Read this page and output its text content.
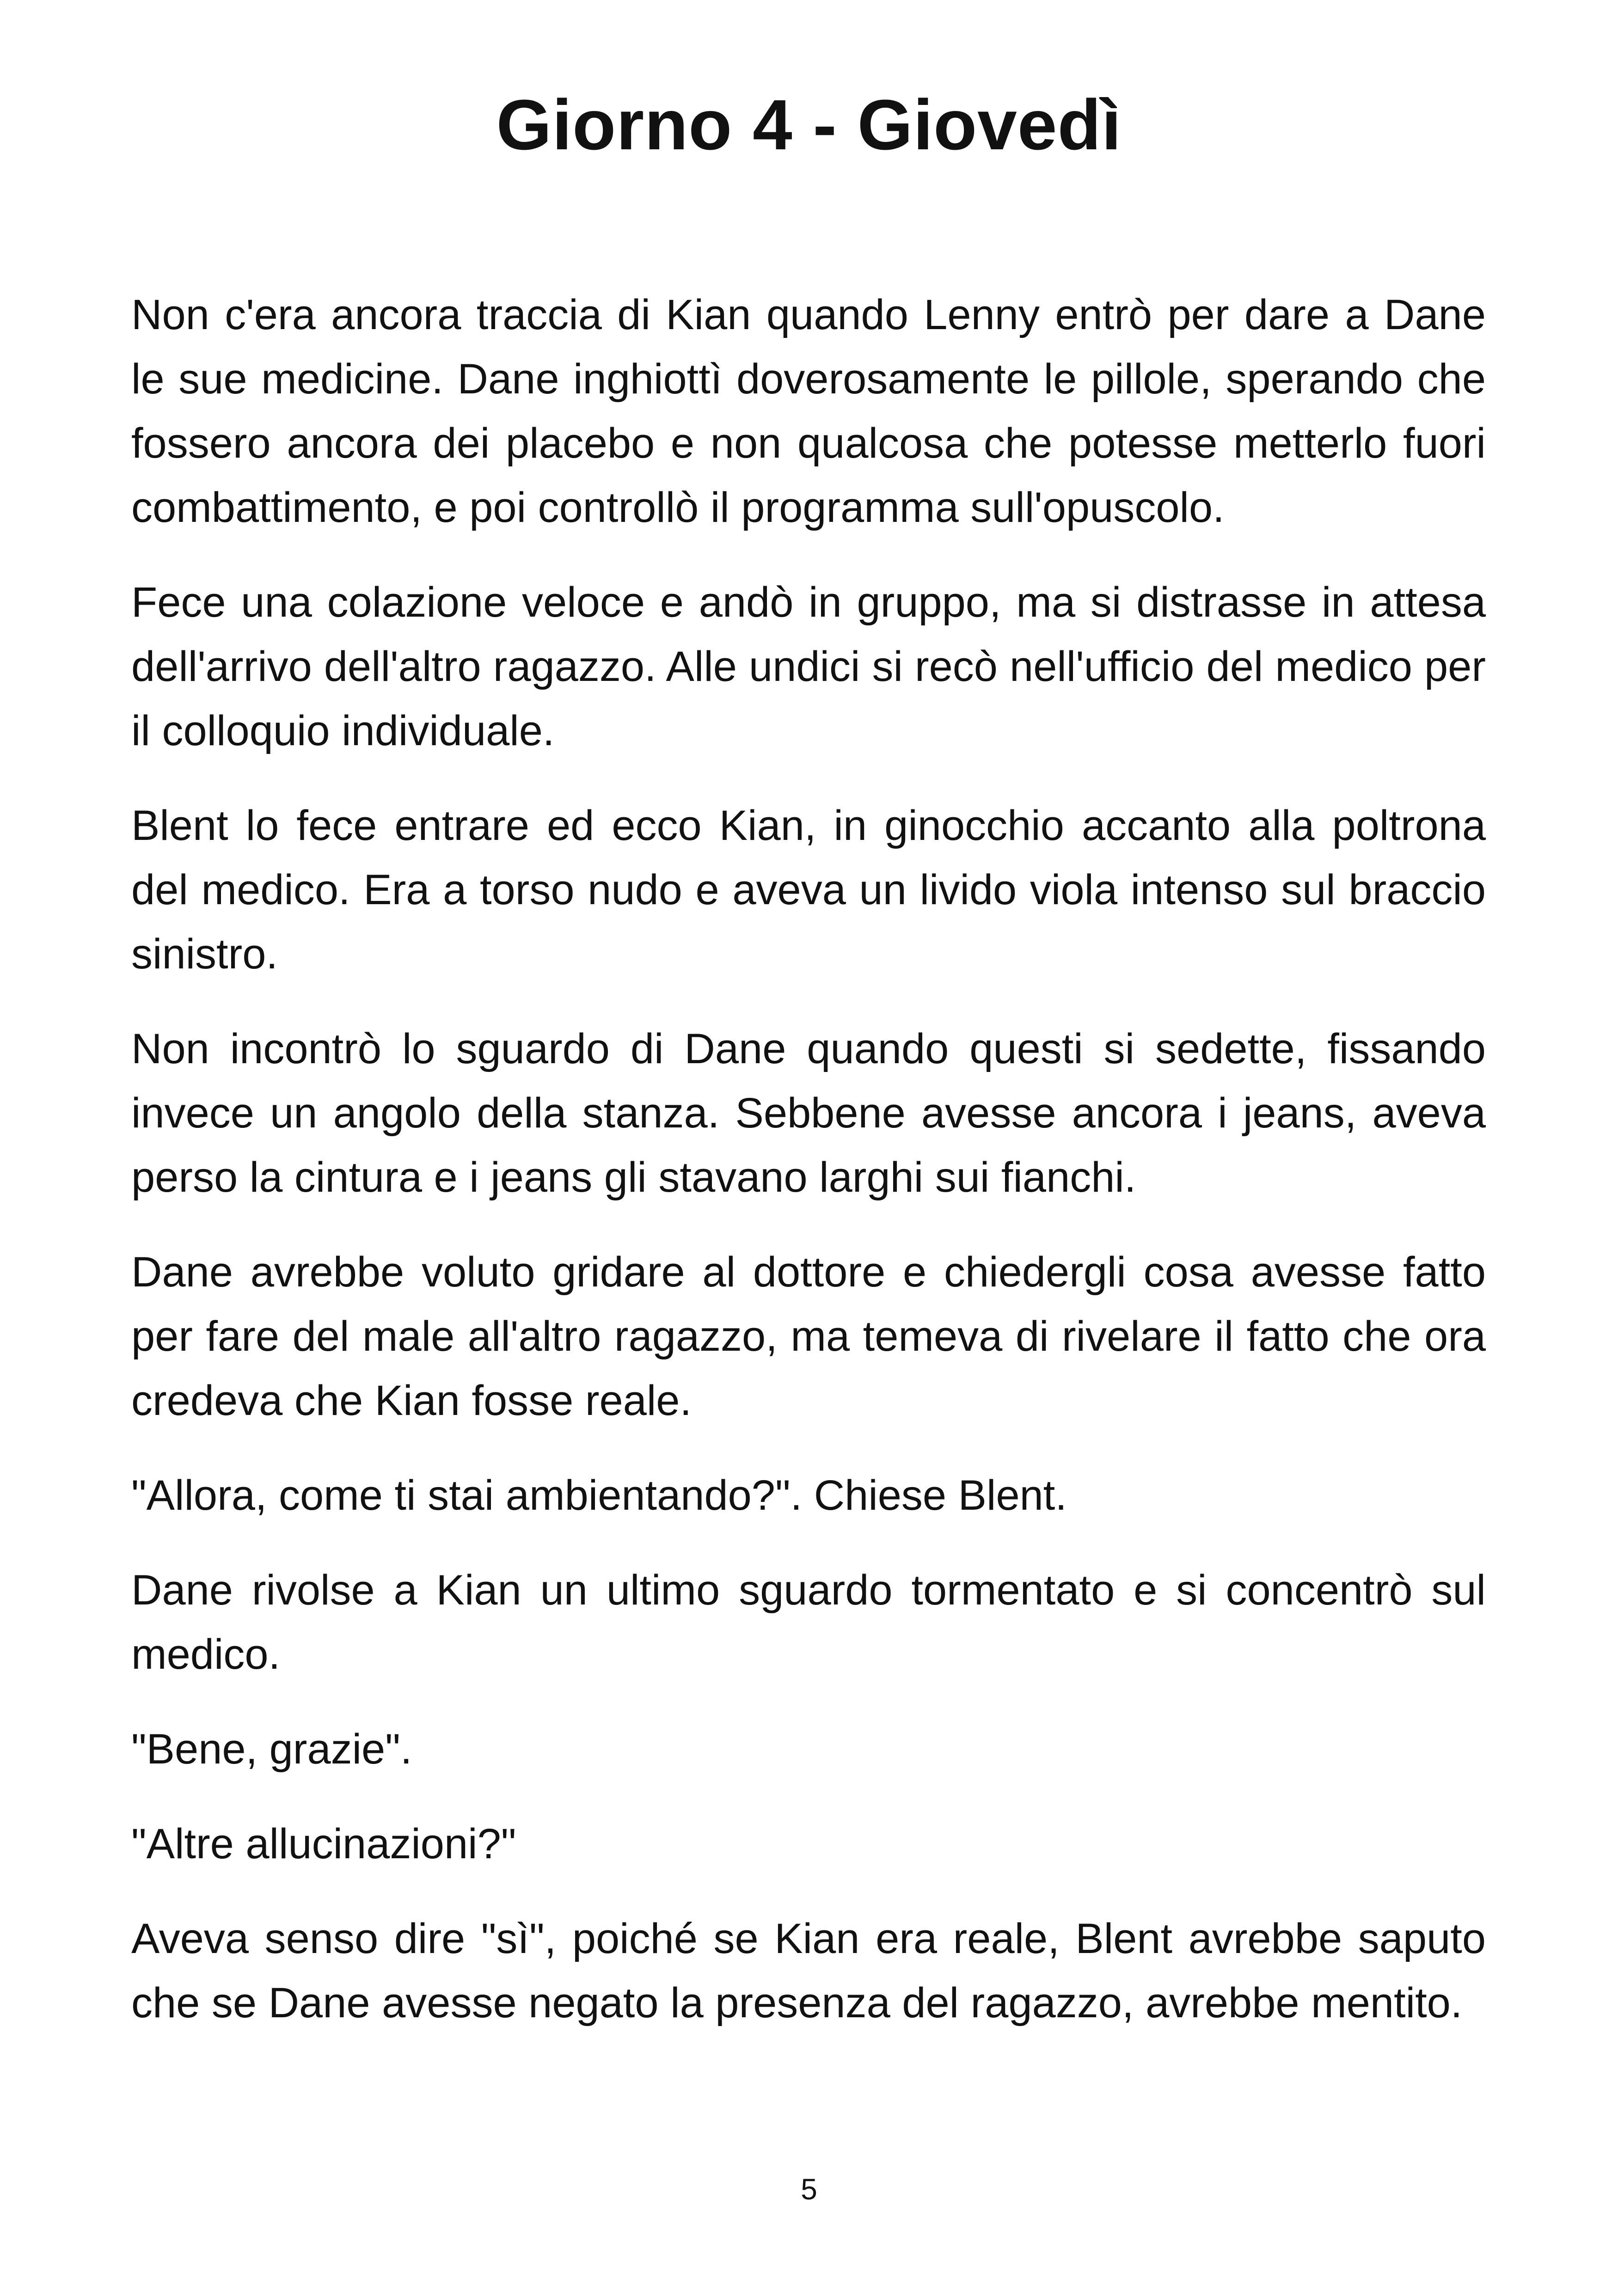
Giorno 4 - Giovedì

Non c'era ancora traccia di Kian quando Lenny entrò per dare a Dane le sue medicine. Dane inghiottì doverosamente le pillole, sperando che fossero ancora dei placebo e non qualcosa che potesse metterlo fuori combattimento, e poi controllò il programma sull'opuscolo.

Fece una colazione veloce e andò in gruppo, ma si distrasse in attesa dell'arrivo dell'altro ragazzo. Alle undici si recò nell'ufficio del medico per il colloquio individuale.

Blent lo fece entrare ed ecco Kian, in ginocchio accanto alla poltrona del medico. Era a torso nudo e aveva un livido viola intenso sul braccio sinistro.

Non incontrò lo sguardo di Dane quando questi si sedette, fissando invece un angolo della stanza. Sebbene avesse ancora i jeans, aveva perso la cintura e i jeans gli stavano larghi sui fianchi.

Dane avrebbe voluto gridare al dottore e chiedergli cosa avesse fatto per fare del male all'altro ragazzo, ma temeva di rivelare il fatto che ora credeva che Kian fosse reale.

"Allora, come ti stai ambientando?". Chiese Blent.

Dane rivolse a Kian un ultimo sguardo tormentato e si concentrò sul medico.

"Bene, grazie".

"Altre allucinazioni?"

Aveva senso dire "sì", poiché se Kian era reale, Blent avrebbe saputo che se Dane avesse negato la presenza del ragazzo, avrebbe mentito.

5
